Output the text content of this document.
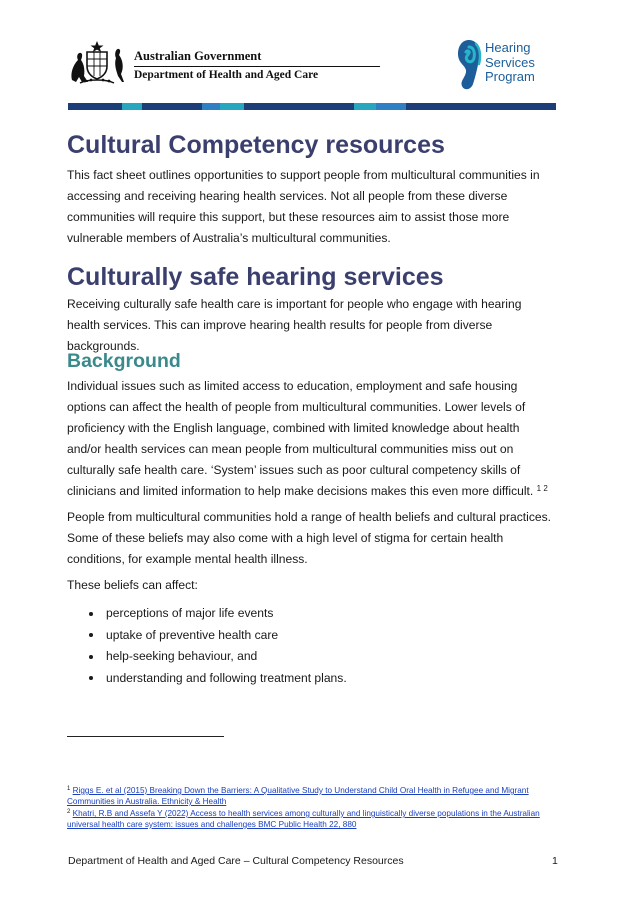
Australian Government
Department of Health and Aged Care
Hearing
Services
Program
Cultural Competency resources

This fact sheet outlines opportunities to support people from multicultural communities in accessing and receiving hearing health services. Not all people from these diverse communities will require this support, but these resources aim to assist those more vulnerable members of Australia’s multicultural communities.

Culturally safe hearing services

Receiving culturally safe health care is important for people who engage with hearing health services. This can improve hearing health results for people from diverse backgrounds.

Background

Individual issues such as limited access to education, employment and safe housing options can affect the health of people from multicultural communities. Lower levels of proficiency with the English language, combined with limited knowledge about health and/or health services can mean people from multicultural communities miss out on culturally safe health care. ‘System’ issues such as poor cultural competency skills of clinicians and limited information to help make decisions makes this even more difficult. $^{1 2}$

People from multicultural communities hold a range of health beliefs and cultural practices. Some of these beliefs may also come with a high level of stigma for certain health conditions, for example mental health illness.

These beliefs can affect:

perceptions of major life events
uptake of preventive health care
help-seeking behaviour, and
understanding and following treatment plans.
$^1$ Riggs E. et al (2015) Breaking Down the Barriers: A Qualitative Study to Understand Child Oral Health in Refugee and Migrant Communities in Australia. Ethnicity & Health
$^2$ Khatri, R.B and Assefa Y (2022) Access to health services among culturally and linguistically diverse populations in the Australian universal health care system: issues and challenges BMC Public Health 22, 880
Department of Health and Aged Care – Cultural Competency Resources	1
